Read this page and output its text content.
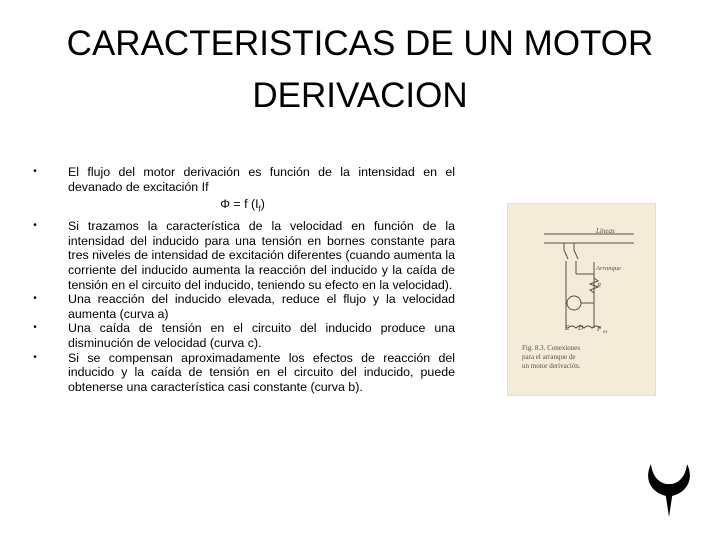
CARACTERISTICAS DE UN MOTOR
DERIVACION
•	El flujo del motor derivación es función de la intensidad en el devanado de excitación If
Φ = f $(I_f)$
•	Si trazamos la característica de la velocidad en función de la intensidad del inducido para una tensión en bornes constante para tres niveles de intensidad de excitación diferentes (cuando aumenta la corriente del inducido aumenta la reacción del inducido y la caída de tensión en el circuito del inducido, teniendo su efecto en la velocidad).
•	Una reacción del inducido elevada, reduce el flujo y la velocidad aumenta (curva a)
•	Una caída de tensión en el circuito del inducido produce una disminución de velocidad (curva c).
•	Si se compensan aproximadamente los efectos de reacción del inducido y la caída de tensión en el circuito del inducido, puede obtenerse una característica casi constante (curva b).
Líneas
Arranque
R
E D P ex
Fig. 8.3. Conexiones
para el arranque de
un motor derivación.
